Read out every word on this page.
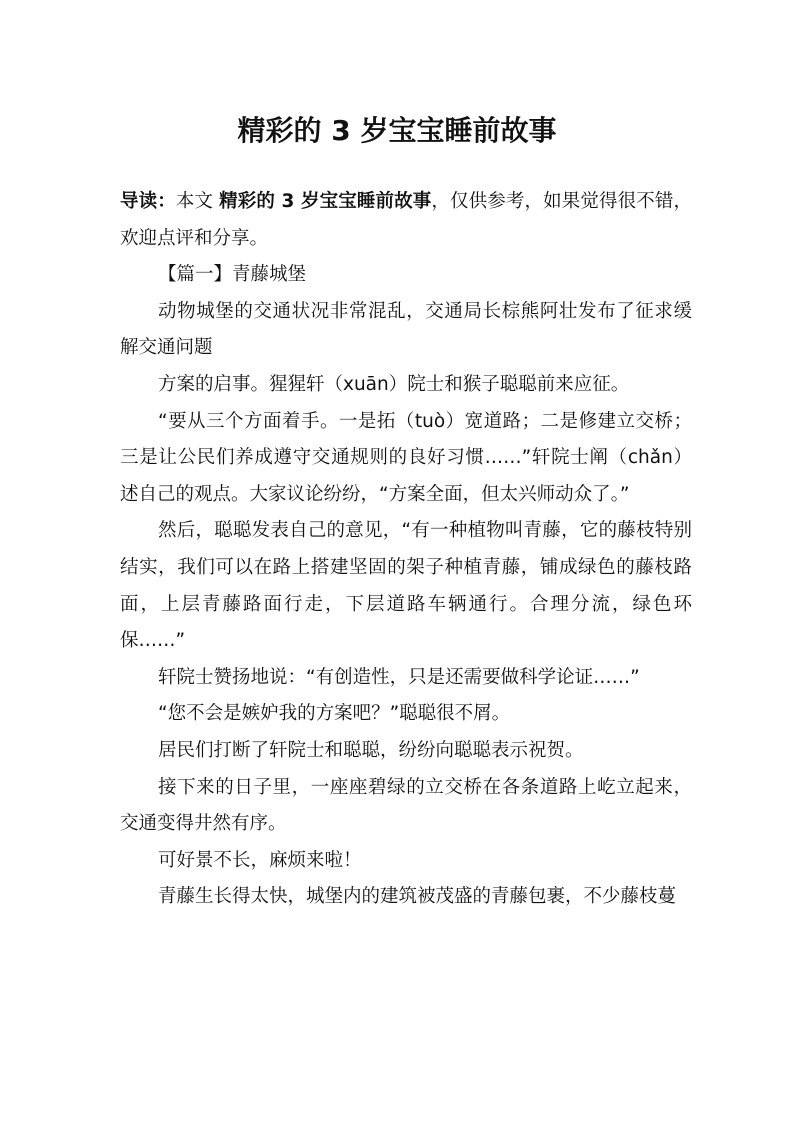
精彩的 3 岁宝宝睡前故事

导读：本文 精彩的 3 岁宝宝睡前故事，仅供参考，如果觉得很不错，欢迎点评和分享。

【篇一】青藤城堡

动物城堡的交通状况非常混乱，交通局长棕熊阿壮发布了征求缓解交通问题

方案的启事。猩猩轩（xuān）院士和猴子聪聪前来应征。

“要从三个方面着手。一是拓（tuò）宽道路；二是修建立交桥；三是让公民们养成遵守交通规则的良好习惯……”轩院士阐（chǎn）述自己的观点。大家议论纷纷，“方案全面，但太兴师动众了。”

然后，聪聪发表自己的意见，“有一种植物叫青藤，它的藤枝特别结实，我们可以在路上搭建坚固的架子种植青藤，铺成绿色的藤枝路面，上层青藤路面行走，下层道路车辆通行。合理分流，绿色环保……”

轩院士赞扬地说：“有创造性，只是还需要做科学论证……”

“您不会是嫉妒我的方案吧？”聪聪很不屑。

居民们打断了轩院士和聪聪，纷纷向聪聪表示祝贺。

接下来的日子里，一座座碧绿的立交桥在各条道路上屹立起来，交通变得井然有序。

可好景不长，麻烦来啦！

青藤生长得太快，城堡内的建筑被茂盛的青藤包裹，不少藤枝蔓
